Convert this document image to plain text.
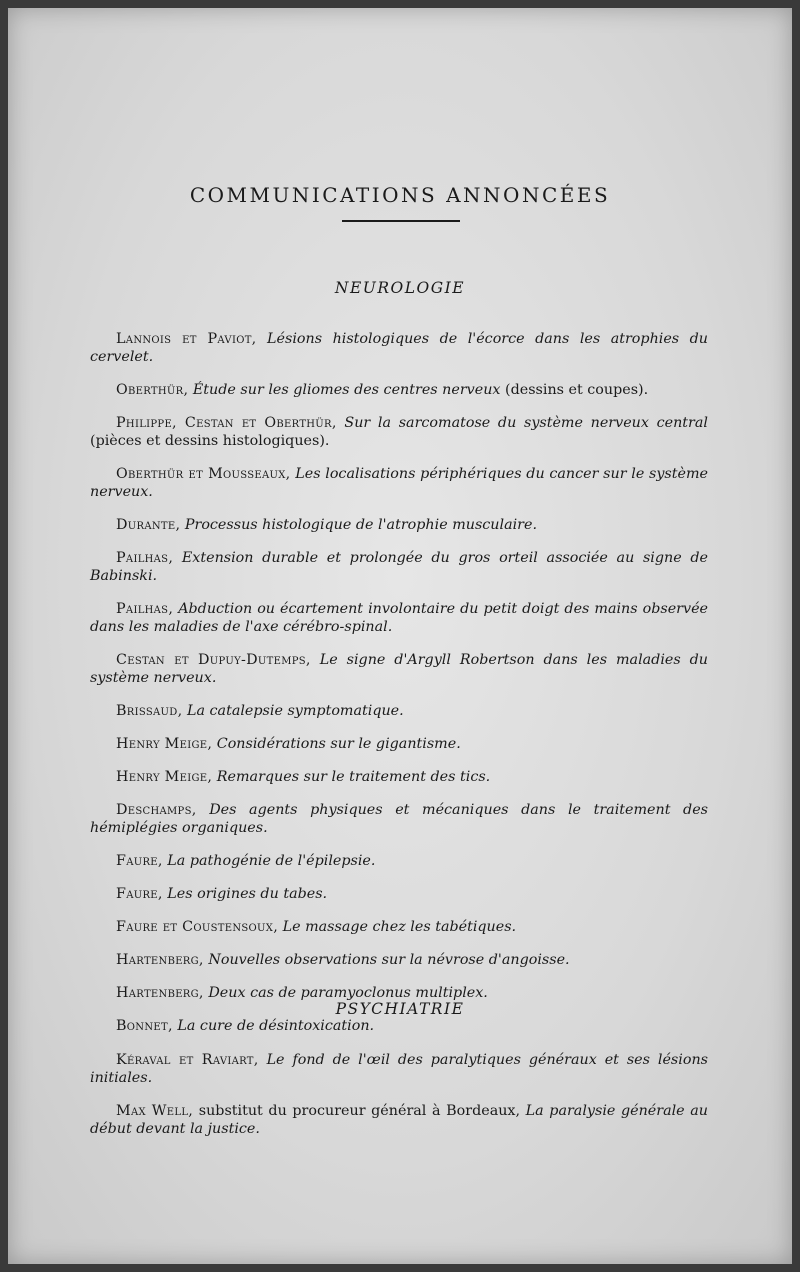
COMMUNICATIONS ANNONCÉES
NEUROLOGIE

Lannois et Paviot, Lésions histologiques de l'écorce dans les atrophies du cervelet.

Oberthür, Étude sur les gliomes des centres nerveux (dessins et coupes).

Philippe, Cestan et Oberthür, Sur la sarcomatose du système nerveux central (pièces et dessins histologiques).

Oberthür et Mousseaux, Les localisations périphériques du cancer sur le système nerveux.

Durante, Processus histologique de l'atrophie musculaire.

Pailhas, Extension durable et prolongée du gros orteil associée au signe de Babinski.

Pailhas, Abduction ou écartement involontaire du petit doigt des mains observée dans les maladies de l'axe cérébro-spinal.

Cestan et Dupuy-Dutemps, Le signe d'Argyll Robertson dans les maladies du système nerveux.

Brissaud, La catalepsie symptomatique.

Henry Meige, Considérations sur le gigantisme.

Henry Meige, Remarques sur le traitement des tics.

Deschamps, Des agents physiques et mécaniques dans le traitement des hémiplégies organiques.

Faure, La pathogénie de l'épilepsie.

Faure, Les origines du tabes.

Faure et Coustensoux, Le massage chez les tabétiques.

Hartenberg, Nouvelles observations sur la névrose d'angoisse.

Hartenberg, Deux cas de paramyoclonus multiplex.

Bonnet, La cure de désintoxication.

PSYCHIATRIE

Kéraval et Raviart, Le fond de l'œil des paralytiques généraux et ses lésions initiales.

Max Well, substitut du procureur général à Bordeaux, La paralysie générale au début devant la justice.
